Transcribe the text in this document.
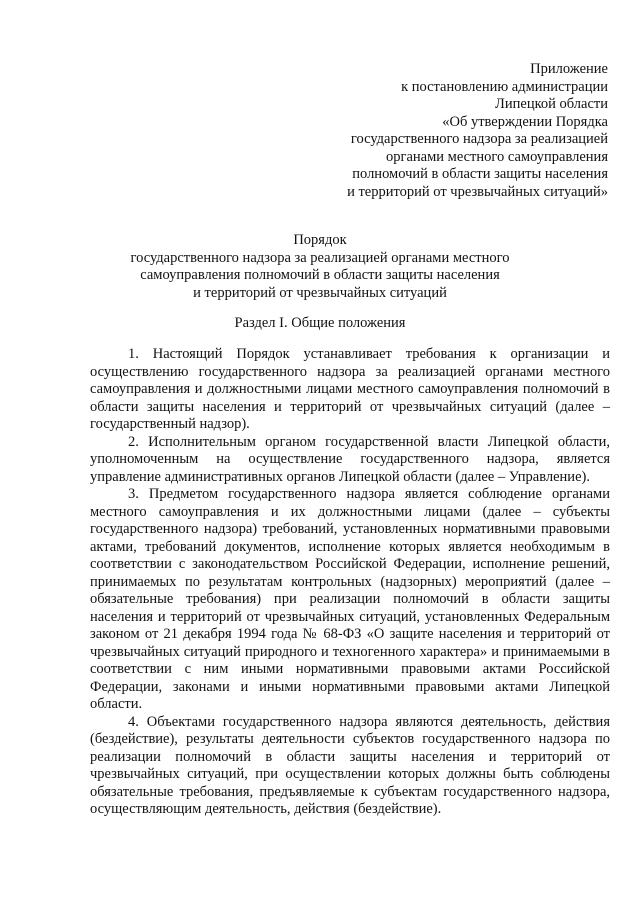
Приложение
к постановлению администрации
Липецкой области
«Об утверждении Порядка
государственного надзора за реализацией
органами местного самоуправления
полномочий в области защиты населения
и территорий от чрезвычайных ситуаций»
Порядок
государственного надзора за реализацией органами местного
самоуправления полномочий в области защиты населения
и территорий от чрезвычайных ситуаций
Раздел I. Общие положения

1. Настоящий Порядок устанавливает требования к организации и осуществлению государственного надзора за реализацией органами местного самоуправления и должностными лицами местного самоуправления полномочий в области защиты населения и территорий от чрезвычайных ситуаций (далее – государственный надзор).

2. Исполнительным органом государственной власти Липецкой области, уполномоченным на осуществление государственного надзора, является управление административных органов Липецкой области (далее – Управление).

3. Предметом государственного надзора является соблюдение органами местного самоуправления и их должностными лицами (далее – субъекты государственного надзора) требований, установленных нормативными правовыми актами, требований документов, исполнение которых является необходимым в соответствии с законодательством Российской Федерации, исполнение решений, принимаемых по результатам контрольных (надзорных) мероприятий (далее – обязательные требования) при реализации полномочий в области защиты населения и территорий от чрезвычайных ситуаций, установленных Федеральным законом от 21 декабря 1994 года № 68-ФЗ «О защите населения и территорий от чрезвычайных ситуаций природного и техногенного характера» и принимаемыми в соответствии с ним иными нормативными правовыми актами Российской Федерации, законами и иными нормативными правовыми актами Липецкой области.

4. Объектами государственного надзора являются деятельность, действия (бездействие), результаты деятельности субъектов государственного надзора по реализации полномочий в области защиты населения и территорий от чрезвычайных ситуаций, при осуществлении которых должны быть соблюдены обязательные требования, предъявляемые к субъектам государственного надзора, осуществляющим деятельность, действия (бездействие).
